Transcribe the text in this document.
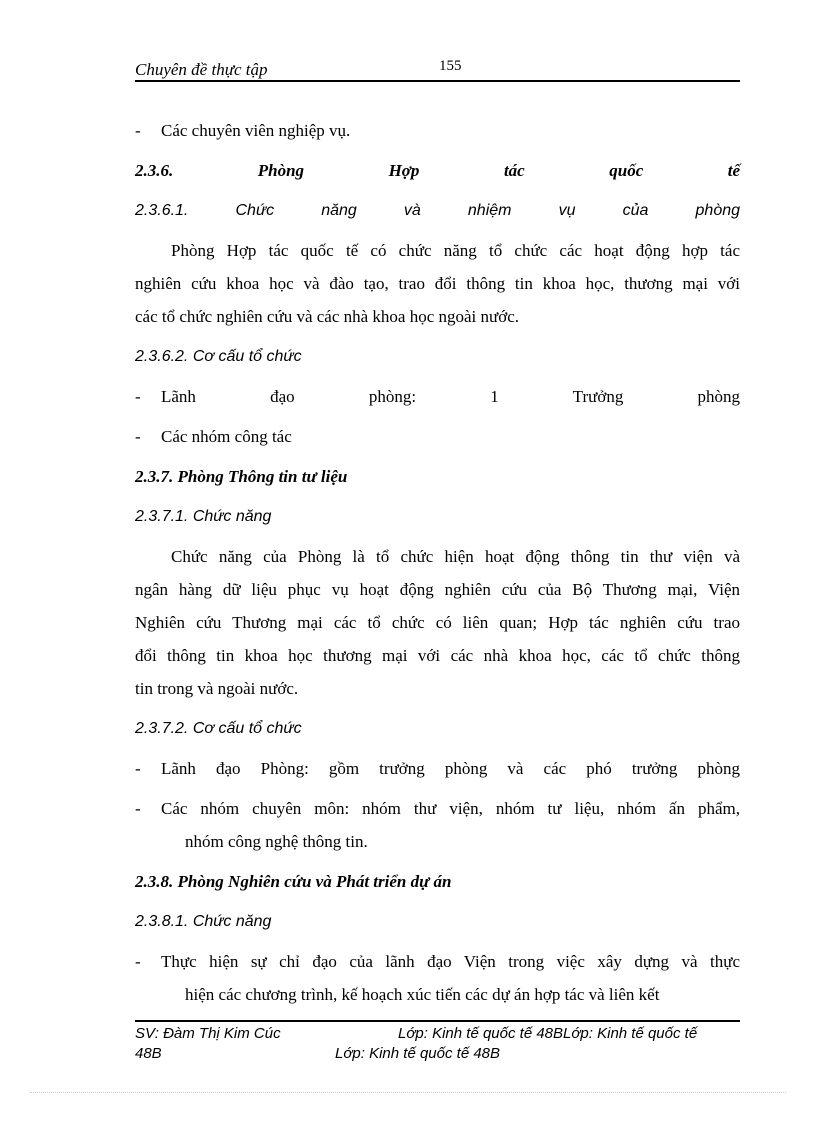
Chuyên đề thực tập	155
-	Các chuyên viên nghiệp vụ.
2.3.6.	Phòng	Hợp	tác	quốc	tế
2.3.6.1.	Chức	năng	và	nhiệm	vụ	của	phòng
Phòng Hợp tác quốc tế có chức năng tổ chức các hoạt động hợp tác
nghiên cứu khoa học và đào tạo, trao đổi thông tin khoa học, thương mại với
các tổ chức nghiên cứu và các nhà khoa học ngoài nước.
2.3.6.2. Cơ cấu tổ chức
-	Lãnh	đạo	phòng:	1	Trưởng	phòng
-	Các nhóm công tác
2.3.7. Phòng Thông tin tư liệu
2.3.7.1. Chức năng
Chức năng của Phòng là tổ chức hiện hoạt động thông tin thư viện và
ngân hàng dữ liệu phục vụ hoạt động nghiên cứu của Bộ Thương mại, Viện
Nghiên cứu Thương mại các tổ chức có liên quan; Hợp tác nghiên cứu trao
đổi thông tin khoa học thương mại với các nhà khoa học, các tổ chức thông
tin trong và ngoài nước.
2.3.7.2. Cơ cấu tổ chức
-	Lãnh đạo Phòng: gồm trưởng phòng và các phó trưởng phòng
-	Các nhóm chuyên môn: nhóm thư viện, nhóm tư liệu, nhóm ấn phẩm,
nhóm công nghệ thông tin.
2.3.8. Phòng Nghiên cứu và Phát triển dự án
2.3.8.1. Chức năng
-	Thực hiện sự chỉ đạo của lãnh đạo Viện trong việc xây dựng và thực
hiện các chương trình, kế hoạch xúc tiến các dự án hợp tác và liên kết
SV: Đàm Thị Kim Cúc	Lớp: Kinh tế quốc tế 48BLớp: Kinh tế quốc tế
48B	Lớp: Kinh tế quốc tế 48B
